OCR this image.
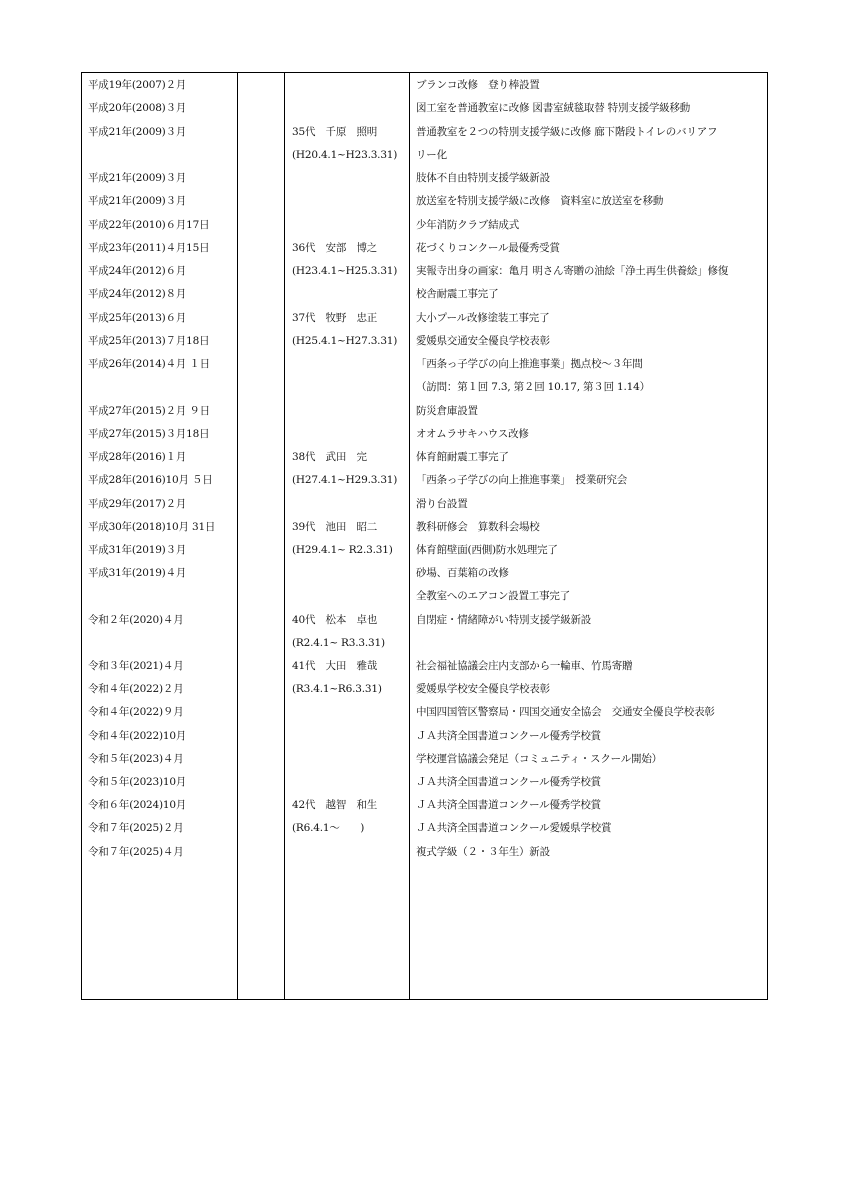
平成19年(2007)２月	ブランコ改修　登り棒設置
平成20年(2008)３月	図工室を普通教室に改修 図書室絨毯取替 特別支援学級移動
平成21年(2009)３月	35代　千原　照明	普通教室を２つの特別支援学級に改修 廊下階段トイレのバリアフ
(H20.4.1~H23.3.31)	リー化
平成21年(2009)３月	肢体不自由特別支援学級新設
平成21年(2009)３月	放送室を特別支援学級に改修　資料室に放送室を移動
平成22年(2010)６月17日	少年消防クラブ結成式
平成23年(2011)４月15日	36代　安部　博之	花づくりコンクール最優秀受賞
平成24年(2012)６月	(H23.4.1~H25.3.31)	実報寺出身の画家：亀月 明さん寄贈の油絵「浄土再生供養絵」修復
平成24年(2012)８月	校舎耐震工事完了
平成25年(2013)６月	37代　牧野　忠正	大小プール改修塗装工事完了
平成25年(2013)７月18日	(H25.4.1~H27.3.31)	愛媛県交通安全優良学校表彰
平成26年(2014)４月 １日	「西条っ子学びの向上推進事業」拠点校～３年間
（訪問：第１回 7.3, 第２回 10.17, 第３回 1.14）
平成27年(2015)２月 ９日	防災倉庫設置
平成27年(2015)３月18日	オオムラサキハウス改修
平成28年(2016)１月	38代　武田　完	体育館耐震工事完了
平成28年(2016)10月 ５日	(H27.4.1~H29.3.31)	「西条っ子学びの向上推進事業」　授業研究会
平成29年(2017)２月	滑り台設置
平成30年(2018)10月 31日	39代　池田　昭二	教科研修会　算数科会場校
平成31年(2019)３月	(H29.4.1~ R2.3.31)	体育館壁面(西側)防水処理完了
平成31年(2019)４月	砂場、百葉箱の改修
全教室へのエアコン設置工事完了
令和２年(2020)４月	40代　松本　卓也	自閉症・情緒障がい特別支援学級新設
(R2.4.1~ R3.3.31)
令和３年(2021)４月	41代　大田　雅哉	社会福祉協議会庄内支部から一輪車、竹馬寄贈
令和４年(2022)２月	(R3.4.1~R6.3.31)	愛媛県学校安全優良学校表彰
令和４年(2022)９月	中国四国管区警察局・四国交通安全協会　交通安全優良学校表彰
令和４年(2022)10月	ＪＡ共済全国書道コンクール優秀学校賞
令和５年(2023)４月	学校運営協議会発足（コミュニティ・スクール開始）
令和５年(2023)10月	ＪＡ共済全国書道コンクール優秀学校賞
令和６年(2024)10月	42代　越智　和生	ＪＡ共済全国書道コンクール優秀学校賞
令和７年(2025)２月	(R6.4.1～　　)	ＪＡ共済全国書道コンクール愛媛県学校賞
令和７年(2025)４月	複式学級（２・３年生）新設
